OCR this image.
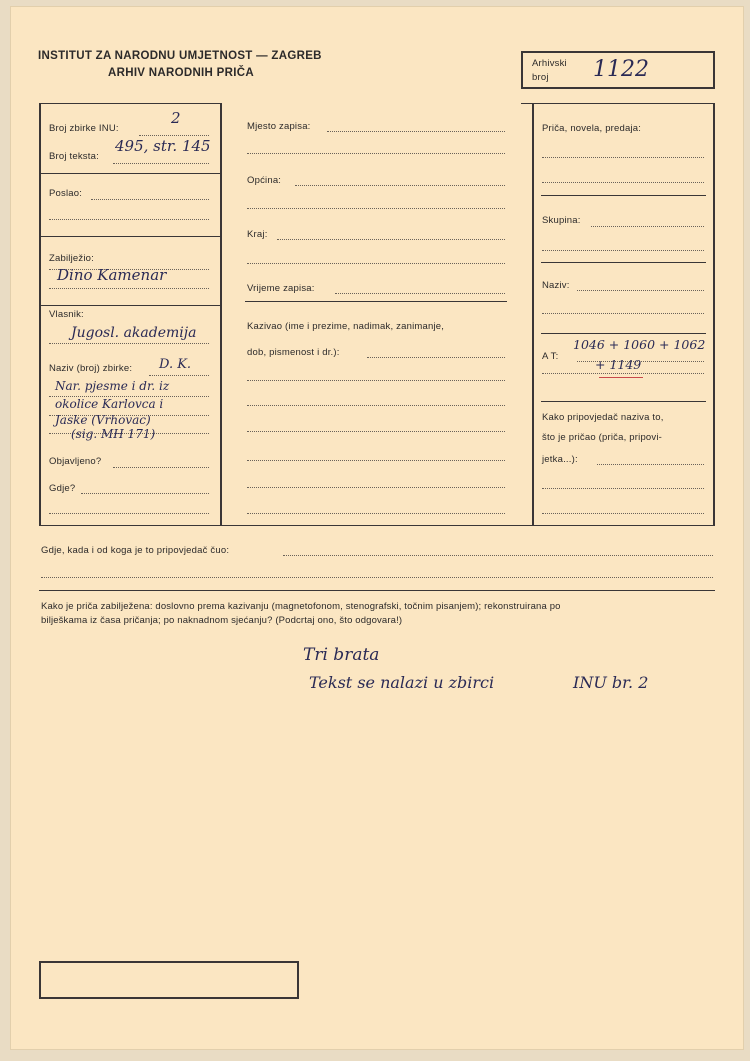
INSTITUT ZA NARODNU UMJETNOST — ZAGREB
ARHIV NARODNIH PRIČA
Arhivski
broj 1122
Broj zbirke INU:
2
Broj teksta:
495, str. 145
Poslao:
Zabilježio:
Dino Kamenar
Vlasnik:
Jugosl. akademija
Naziv (broj) zbirke: D. K.
Nar. pjesme i dr. iz
okolice Karlovca i
Jaske (Vrhovac)
(sig. MH 171)
Objavljeno?
Gdje?
Mjesto zapisa:
Općina:
Kraj:
Vrijeme zapisa:
Kazivao (ime i prezime, nadimak, zanimanje,
dob, pismenost i dr.):
Priča, novela, predaja:
Skupina:
Naziv:
A T:
1046 + 1060 + 1062
+ 1149
Kako pripovjedač naziva to,
što je pričao (priča, pripovi-
jetka...):
Gdje, kada i od koga je to pripovjedač čuo:
Kako je priča zabilježena: doslovno prema kazivanju (magnetofonom, stenografski, točnim pisanjem); rekonstruirana po
bilješkama iz časa pričanja; po naknadnom sjećanju? (Podcrtaj ono, što odgovara!)
Tri brata
Tekst se nalazi u zbirci	INU br. 2
